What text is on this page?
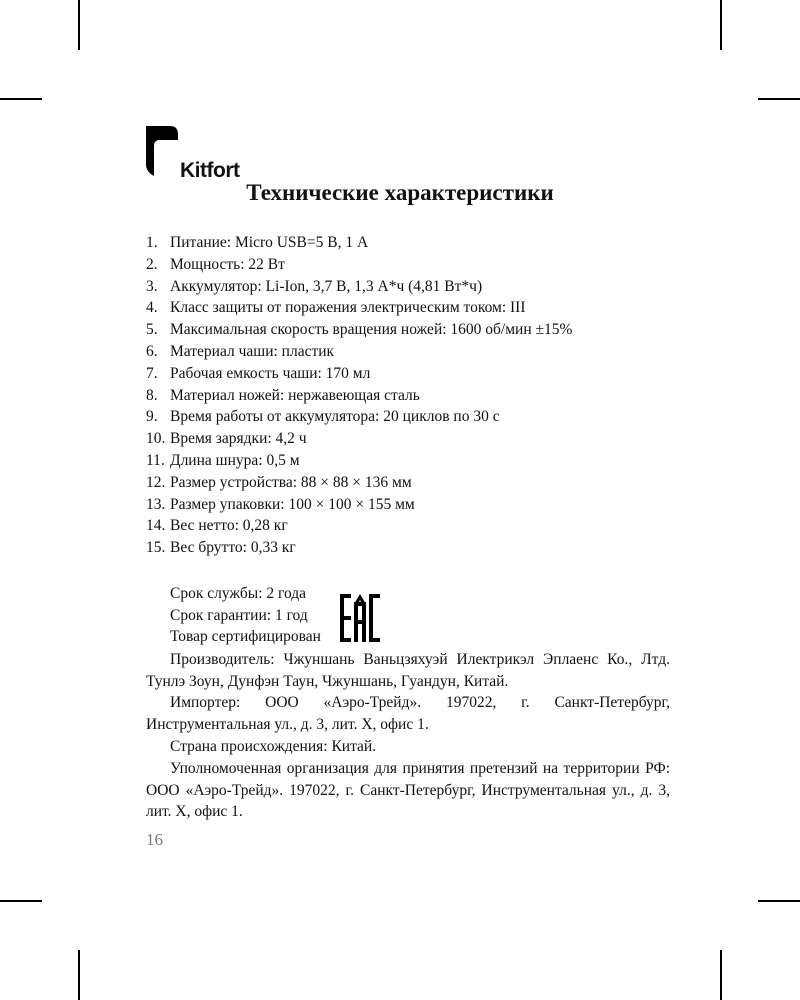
Kitfort
Технические характеристики
1. Питание: Micro USB=5 В, 1 А
2. Мощность: 22 Вт
3. Аккумулятор: Li-Ion, 3,7 В, 1,3 А*ч (4,81 Вт*ч)
4. Класс защиты от поражения электрическим током: III
5. Максимальная скорость вращения ножей: 1600 об/мин ±15%
6. Материал чаши: пластик
7. Рабочая емкость чаши: 170 мл
8. Материал ножей: нержавеющая сталь
9. Время работы от аккумулятора: 20 циклов по 30 с
10. Время зарядки: 4,2 ч
11. Длина шнура: 0,5 м
12. Размер устройства: 88 × 88 × 136 мм
13. Размер упаковки: 100 × 100 × 155 мм
14. Вес нетто: 0,28 кг
15. Вес брутто: 0,33 кг
Срок службы: 2 года
Срок гарантии: 1 год
Товар сертифицирован

Производитель: Чжуншань Ваньцзяхуэй Илектрикэл Эплаенс Ко., Лтд. Тунлэ Зоун, Дунфэн Таун, Чжуншань, Гуандун, Китай.

Импортер: ООО «Аэро-Трейд». 197022, г. Санкт-Петербург, Инструментальная ул., д. 3, лит. Х, офис 1.

Страна происхождения: Китай.

Уполномоченная организация для принятия претензий на территории РФ: ООО «Аэро-Трейд». 197022, г. Санкт-Петербург, Инструментальная ул., д. 3, лит. Х, офис 1.

16
